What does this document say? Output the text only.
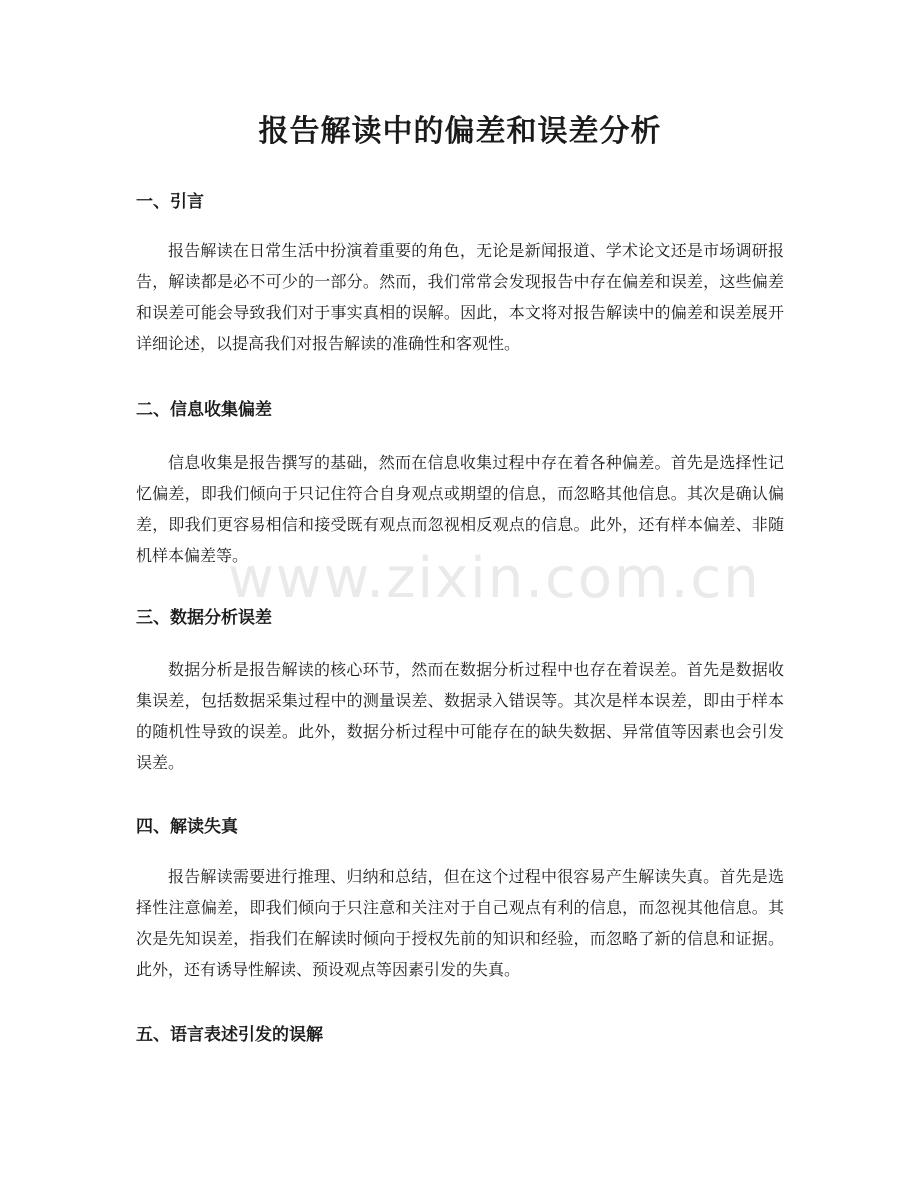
报告解读中的偏差和误差分析
一、引言

报告解读在日常生活中扮演着重要的角色，无论是新闻报道、学术论文还是市场调研报告，解读都是必不可少的一部分。然而，我们常常会发现报告中存在偏差和误差，这些偏差和误差可能会导致我们对于事实真相的误解。因此，本文将对报告解读中的偏差和误差展开详细论述，以提高我们对报告解读的准确性和客观性。

二、信息收集偏差

信息收集是报告撰写的基础，然而在信息收集过程中存在着各种偏差。首先是选择性记忆偏差，即我们倾向于只记住符合自身观点或期望的信息，而忽略其他信息。其次是确认偏差，即我们更容易相信和接受既有观点而忽视相反观点的信息。此外，还有样本偏差、非随机样本偏差等。

三、数据分析误差

数据分析是报告解读的核心环节，然而在数据分析过程中也存在着误差。首先是数据收集误差，包括数据采集过程中的测量误差、数据录入错误等。其次是样本误差，即由于样本的随机性导致的误差。此外，数据分析过程中可能存在的缺失数据、异常值等因素也会引发误差。

四、解读失真

报告解读需要进行推理、归纳和总结，但在这个过程中很容易产生解读失真。首先是选择性注意偏差，即我们倾向于只注意和关注对于自己观点有利的信息，而忽视其他信息。其次是先知误差，指我们在解读时倾向于授权先前的知识和经验，而忽略了新的信息和证据。此外，还有诱导性解读、预设观点等因素引发的失真。

五、语言表述引发的误解
www.zixin.com.cn
